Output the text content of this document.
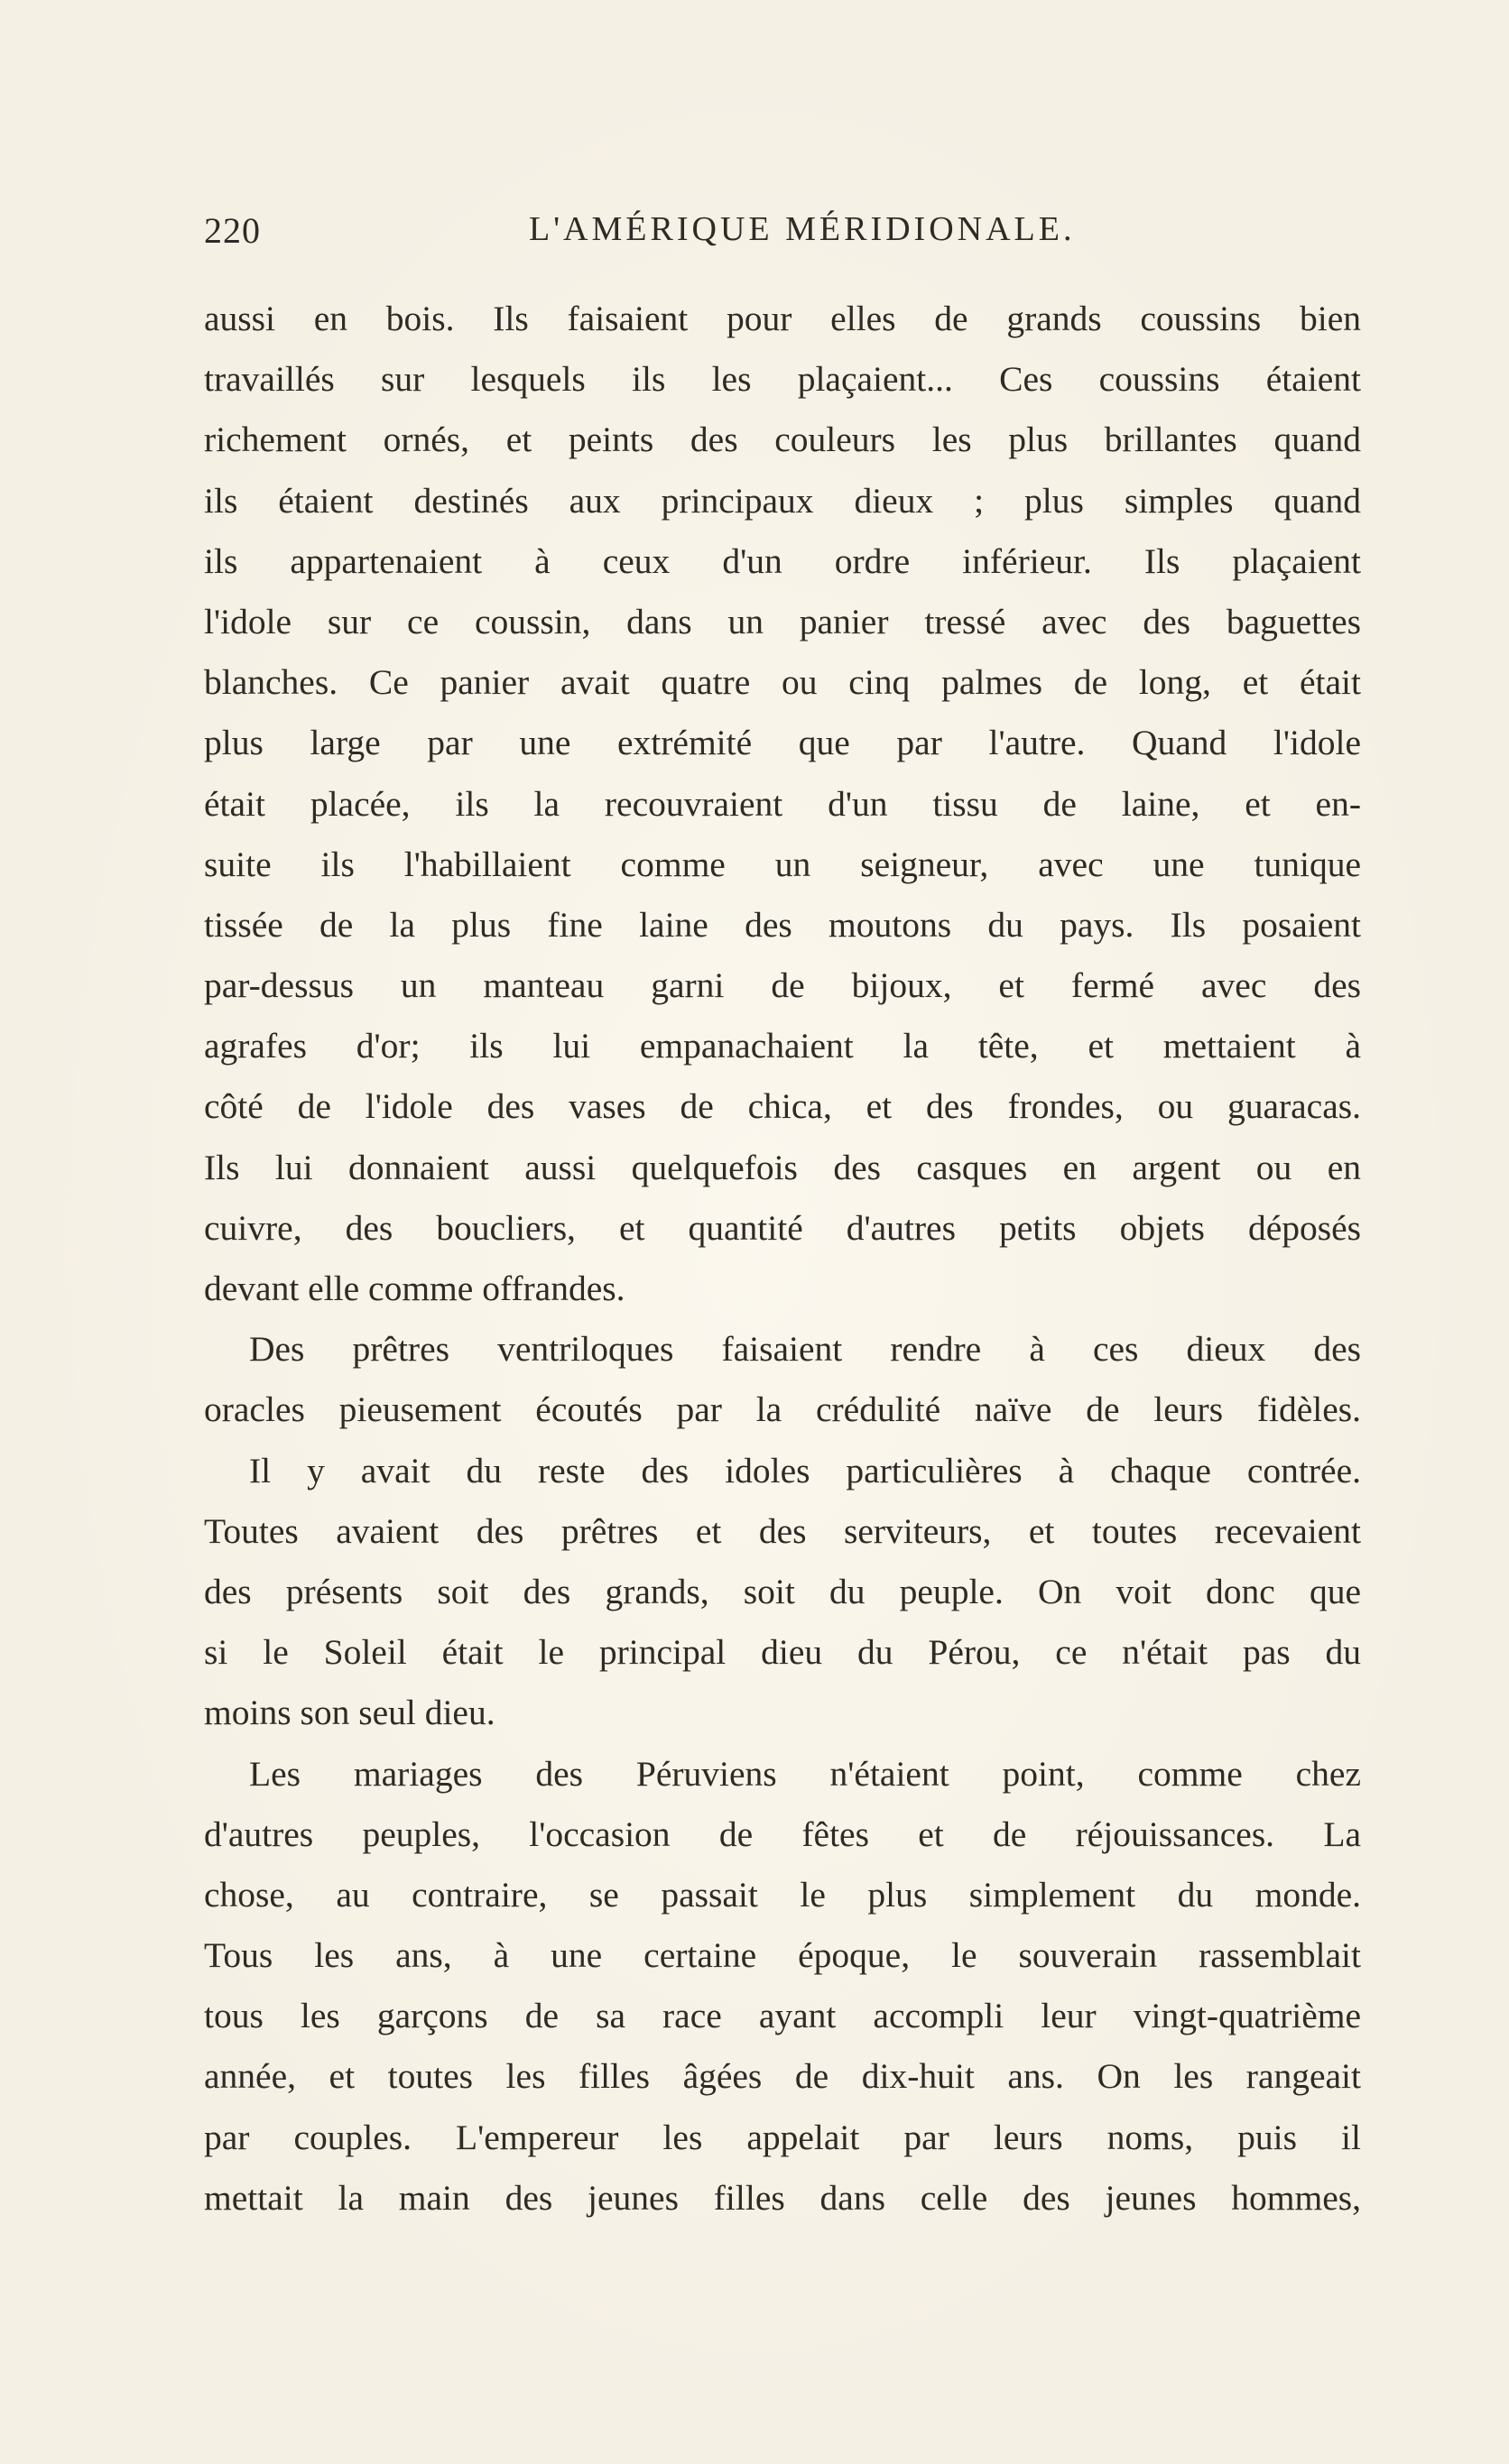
220	L'AMÉRIQUE MÉRIDIONALE.
aussi en bois. Ils faisaient pour elles de grands coussins bien
travaillés sur lesquels ils les plaçaient... Ces coussins étaient
richement ornés, et peints des couleurs les plus brillantes quand
ils étaient destinés aux principaux dieux ; plus simples quand
ils appartenaient à ceux d'un ordre inférieur. Ils plaçaient
l'idole sur ce coussin, dans un panier tressé avec des baguettes
blanches. Ce panier avait quatre ou cinq palmes de long, et était
plus large par une extrémité que par l'autre. Quand l'idole
était placée, ils la recouvraient d'un tissu de laine, et en-
suite ils l'habillaient comme un seigneur, avec une tunique
tissée de la plus fine laine des moutons du pays. Ils posaient
par-dessus un manteau garni de bijoux, et fermé avec des
agrafes d'or; ils lui empanachaient la tête, et mettaient à
côté de l'idole des vases de chica, et des frondes, ou guaracas.
Ils lui donnaient aussi quelquefois des casques en argent ou en
cuivre, des boucliers, et quantité d'autres petits objets déposés
devant elle comme offrandes.
Des prêtres ventriloques faisaient rendre à ces dieux des
oracles pieusement écoutés par la crédulité naïve de leurs fidèles.
Il y avait du reste des idoles particulières à chaque contrée.
Toutes avaient des prêtres et des serviteurs, et toutes recevaient
des présents soit des grands, soit du peuple. On voit donc que
si le Soleil était le principal dieu du Pérou, ce n'était pas du
moins son seul dieu.
Les mariages des Péruviens n'étaient point, comme chez
d'autres peuples, l'occasion de fêtes et de réjouissances. La
chose, au contraire, se passait le plus simplement du monde.
Tous les ans, à une certaine époque, le souverain rassemblait
tous les garçons de sa race ayant accompli leur vingt-quatrième
année, et toutes les filles âgées de dix-huit ans. On les rangeait
par couples. L'empereur les appelait par leurs noms, puis il
mettait la main des jeunes filles dans celle des jeunes hommes,
